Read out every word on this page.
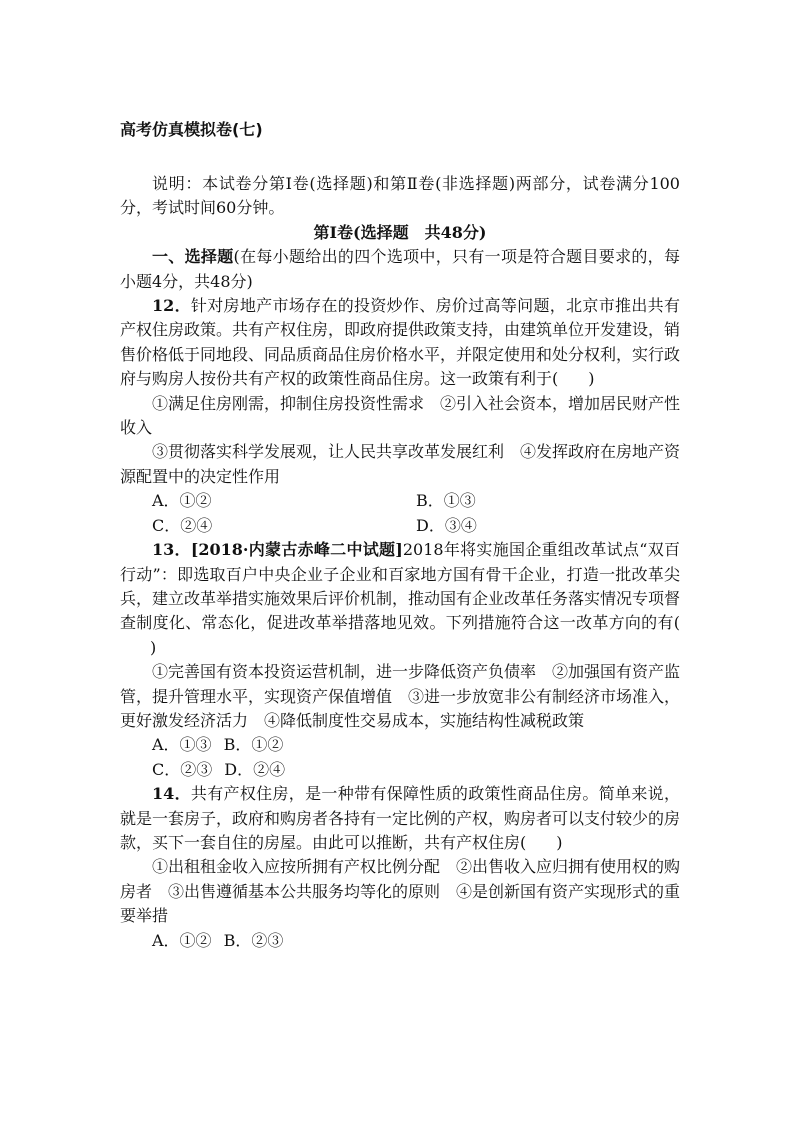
高考仿真模拟卷(七)

说明：本试卷分第Ⅰ卷(选择题)和第Ⅱ卷(非选择题)两部分，试卷满分100分，考试时间60分钟。

第Ⅰ卷(选择题　共48分)

一、选择题(在每小题给出的四个选项中，只有一项是符合题目要求的，每小题4分，共48分)

12．针对房地产市场存在的投资炒作、房价过高等问题，北京市推出共有产权住房政策。共有产权住房，即政府提供政策支持，由建筑单位开发建设，销售价格低于同地段、同品质商品住房价格水平，并限定使用和处分权利，实行政府与购房人按份共有产权的政策性商品住房。这一政策有利于( )

①满足住房刚需，抑制住房投资性需求　②引入社会资本，增加居民财产性收入

③贯彻落实科学发展观，让人民共享改革发展红利　④发挥政府在房地产资源配置中的决定性作用

A．①②	B．①③
C．②④	D．③④

13．[2018·内蒙古赤峰二中试题]2018年将实施国企重组改革试点“双百行动”：即选取百户中央企业子企业和百家地方国有骨干企业，打造一批改革尖兵，建立改革举措实施效果后评价机制，推动国有企业改革任务落实情况专项督查制度化、常态化，促进改革举措落地见效。下列措施符合这一改革方向的有()

①完善国有资本投资运营机制，进一步降低资产负债率　②加强国有资产监管，提升管理水平，实现资产保值增值　③进一步放宽非公有制经济市场准入，更好激发经济活力　④降低制度性交易成本，实施结构性减税政策

A．①③ B．①②
C．②③ D．②④

14．共有产权住房，是一种带有保障性质的政策性商品住房。简单来说，就是一套房子，政府和购房者各持有一定比例的产权，购房者可以支付较少的房款，买下一套自住的房屋。由此可以推断，共有产权住房( )

①出租租金收入应按所拥有产权比例分配　②出售收入应归拥有使用权的购房者　③出售遵循基本公共服务均等化的原则　④是创新国有资产实现形式的重要举措

A．①② B．②③
